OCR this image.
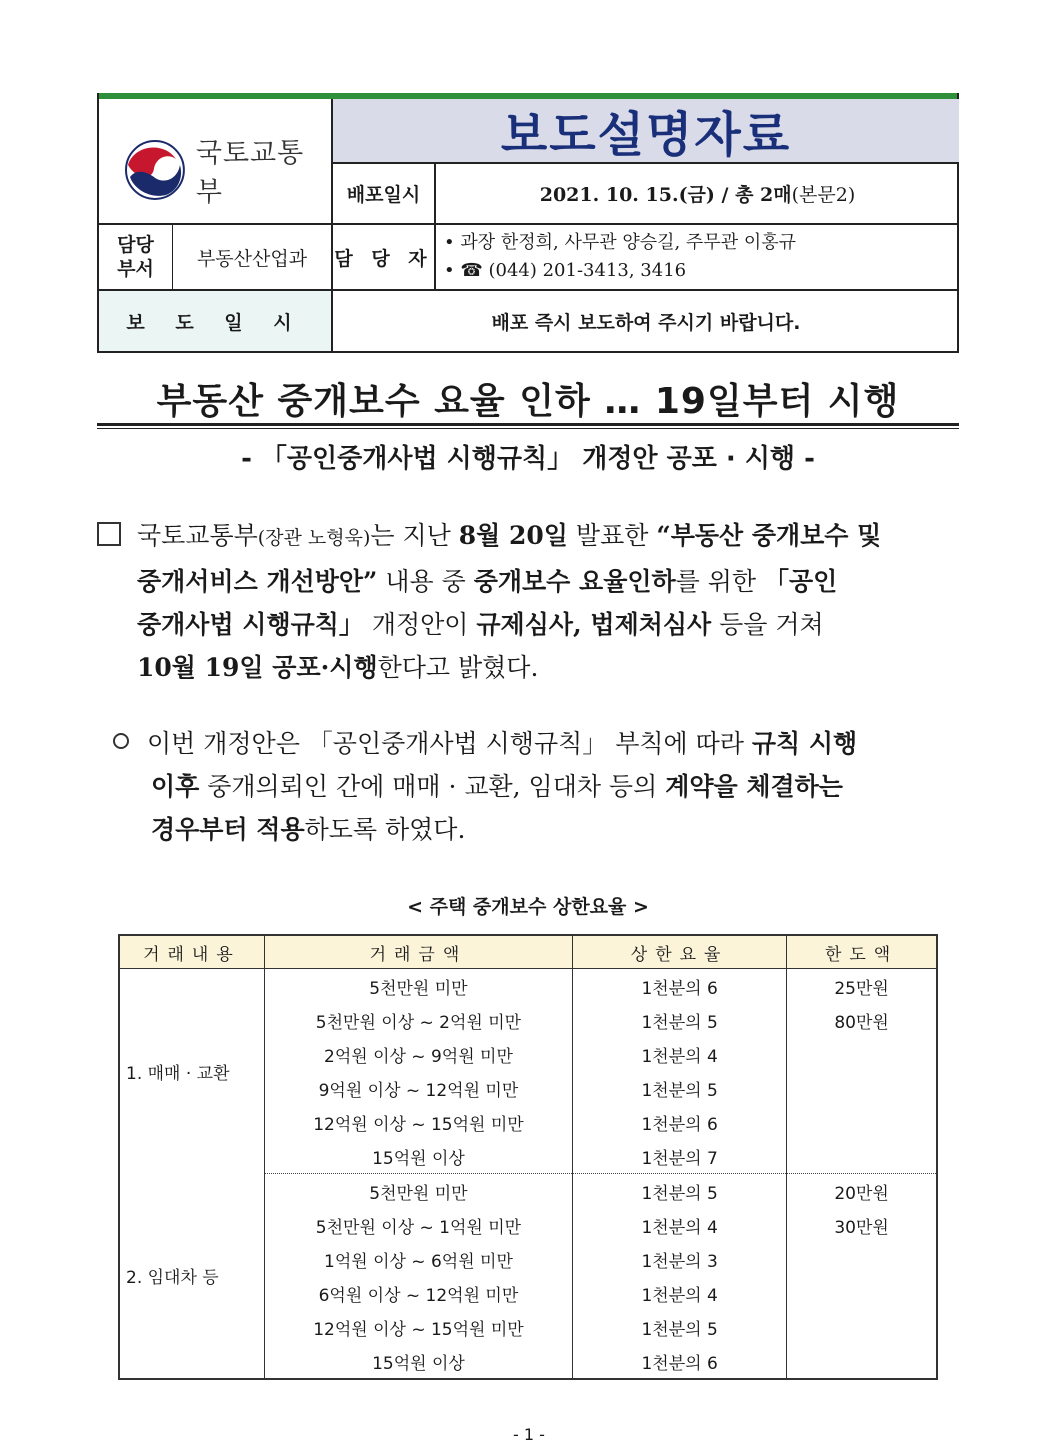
국토교통부
보도설명자료
배포일시	2021. 10. 15.(금) / 총 2매 (본문2)
담당
부서	부동산산업과	담 당 자
• 과장 한정희, 사무관 양승길, 주무관 이홍규
• ☎ (044) 201-3413, 3416
보 도 일 시	배포 즉시 보도하여 주시기 바랍니다.
부동산 중개보수 요율 인하 … 19일부터 시행
- 「공인중개사법 시행규칙」 개정안 공포 · 시행 -
국토교통부(장관 노형욱)는 지난 8월 20일 발표한 “부동산 중개보수 및
중개서비스 개선방안” 내용 중 중개보수 요율인하를 위한 「공인
중개사법 시행규칙」 개정안이 규제심사, 법제처심사 등을 거쳐
10월 19일 공포·시행한다고 밝혔다.
이번 개정안은 「공인중개사법 시행규칙」 부칙에 따라 규칙 시행
이후 중개의뢰인 간에 매매 · 교환, 임대차 등의 계약을 체결하는
경우부터 적용하도록 하였다.
< 주택 중개보수 상한요율 >
거래내용	거래금액	상한요율	한도액
1. 매매 · 교환	5천만원 미만	1천분의 6	25만원
	5천만원 이상 ~ 2억원 미만	1천분의 5	80만원
	2억원 이상 ~ 9억원 미만	1천분의 4	
	9억원 이상 ~ 12억원 미만	1천분의 5	
	12억원 이상 ~ 15억원 미만	1천분의 6	
	15억원 이상	1천분의 7	
2. 임대차 등	5천만원 미만	1천분의 5	20만원
	5천만원 이상 ~ 1억원 미만	1천분의 4	30만원
	1억원 이상 ~ 6억원 미만	1천분의 3	
	6억원 이상 ~ 12억원 미만	1천분의 4	
	12억원 이상 ~ 15억원 미만	1천분의 5	
	15억원 이상	1천분의 6	
- 1 -
